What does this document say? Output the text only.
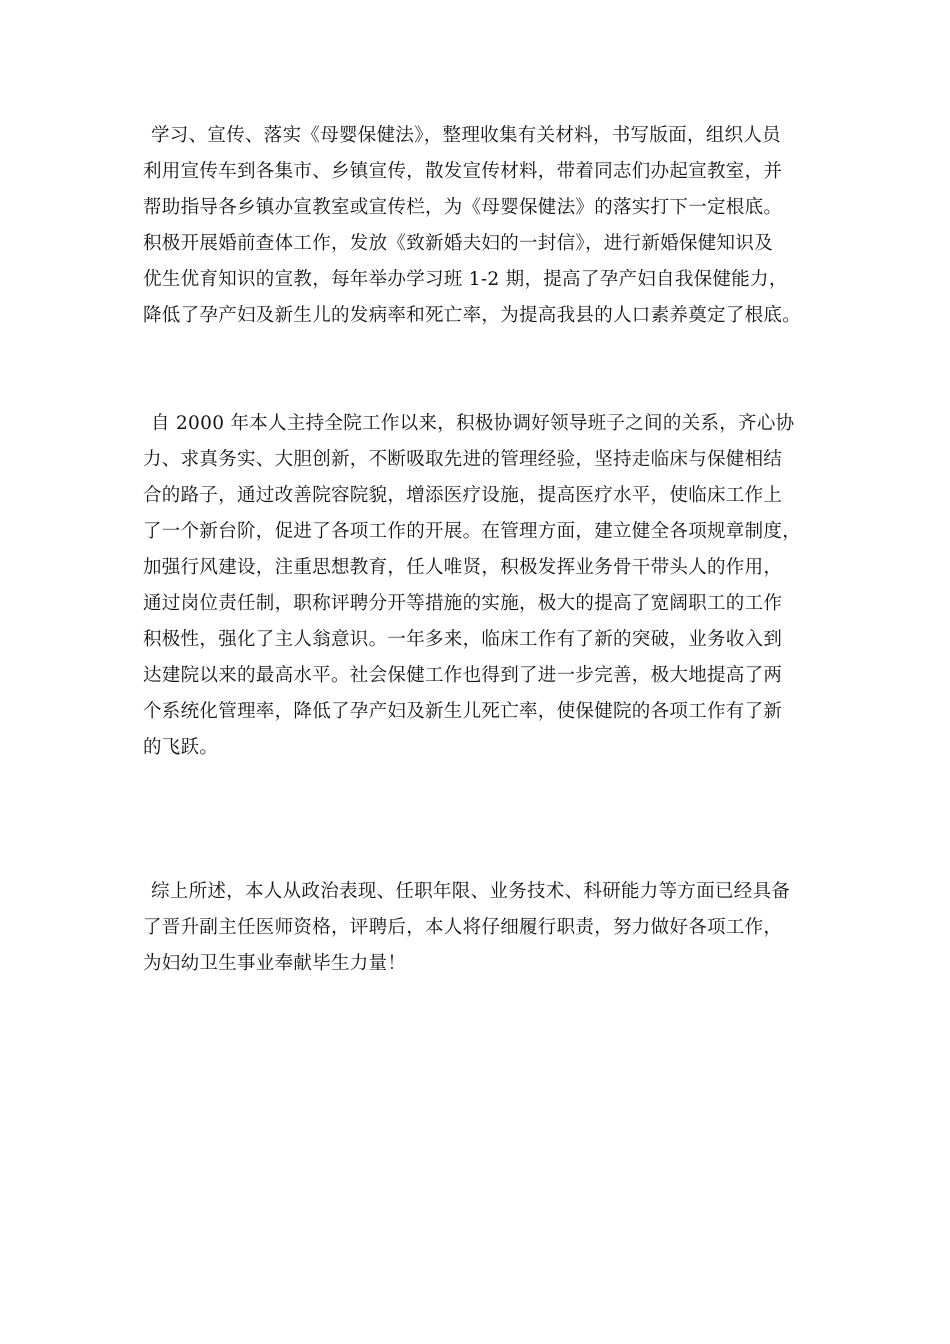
学习、宣传、落实《母婴保健法》，整理收集有关材料，书写版面，组织人员
利用宣传车到各集市、乡镇宣传，散发宣传材料，带着同志们办起宣教室，并
帮助指导各乡镇办宣教室或宣传栏，为《母婴保健法》的落实打下一定根底。
积极开展婚前查体工作，发放《致新婚夫妇的一封信》，进行新婚保健知识及
优生优育知识的宣教，每年举办学习班 1-2 期，提高了孕产妇自我保健能力，
降低了孕产妇及新生儿的发病率和死亡率，为提高我县的人口素养奠定了根底。
自 2000 年本人主持全院工作以来，积极协调好领导班子之间的关系，齐心协
力、求真务实、大胆创新，不断吸取先进的管理经验，坚持走临床与保健相结
合的路子，通过改善院容院貌，增添医疗设施，提高医疗水平，使临床工作上
了一个新台阶，促进了各项工作的开展。在管理方面，建立健全各项规章制度，
加强行风建设，注重思想教育，任人唯贤，积极发挥业务骨干带头人的作用，
通过岗位责任制，职称评聘分开等措施的实施，极大的提高了宽阔职工的工作
积极性，强化了主人翁意识。一年多来，临床工作有了新的突破，业务收入到
达建院以来的最高水平。社会保健工作也得到了进一步完善，极大地提高了两
个系统化管理率，降低了孕产妇及新生儿死亡率，使保健院的各项工作有了新
的飞跃。
综上所述，本人从政治表现、任职年限、业务技术、科研能力等方面已经具备
了晋升副主任医师资格，评聘后，本人将仔细履行职责，努力做好各项工作，
为妇幼卫生事业奉献毕生力量！
